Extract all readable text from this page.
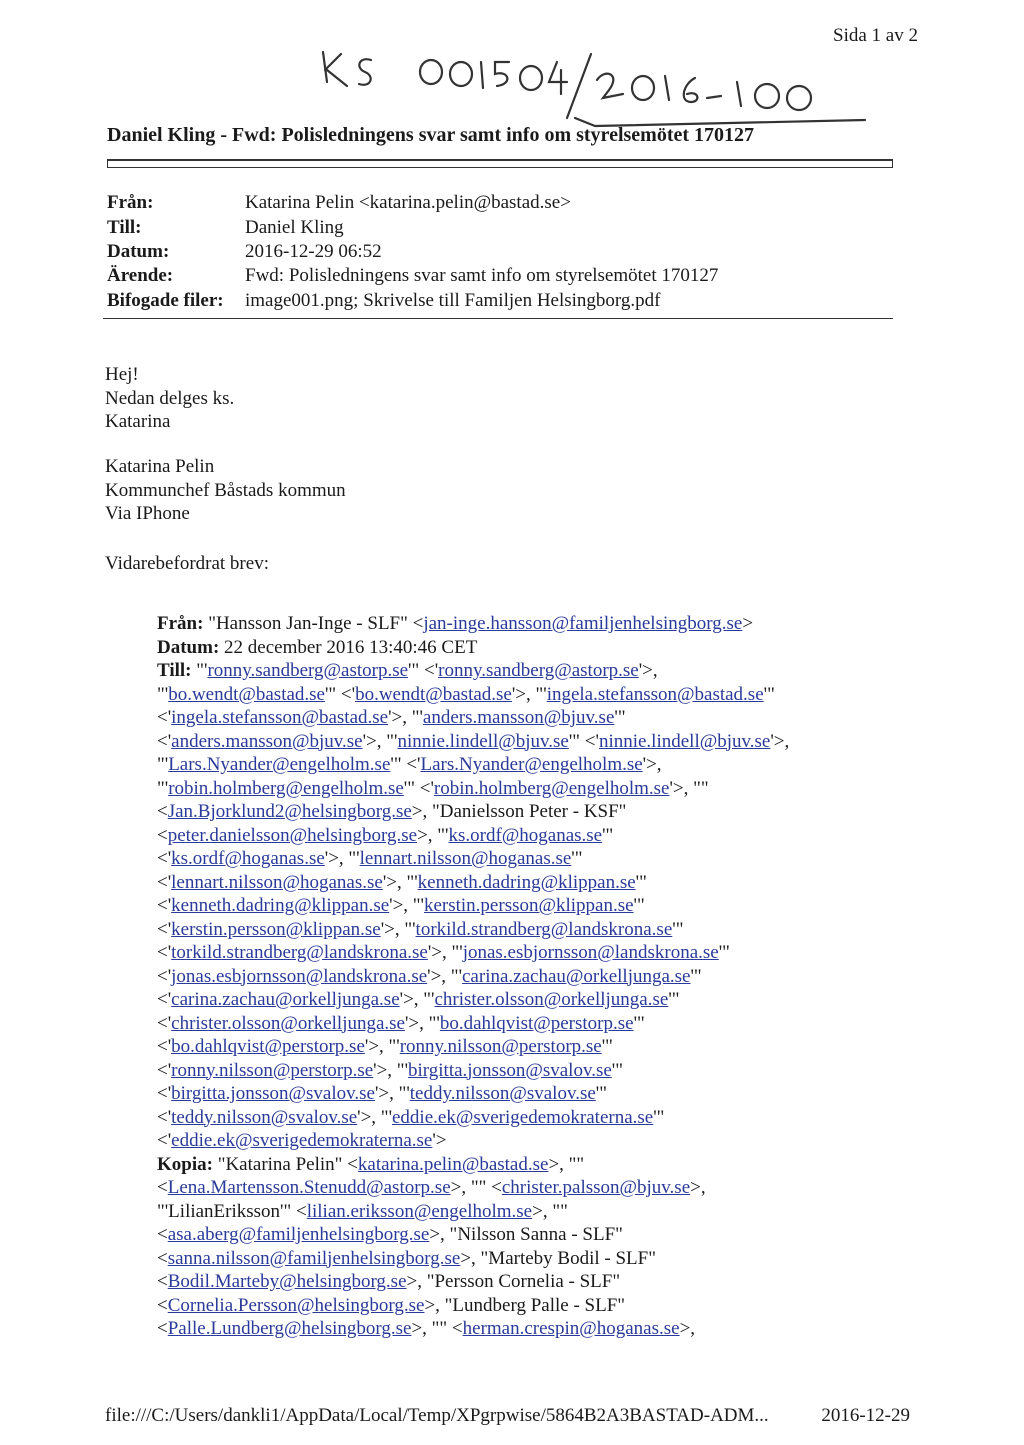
Sida 1 av 2
Daniel Kling - Fwd: Polisledningens svar samt info om styrelsemötet 170127
Från:	Katarina Pelin <katarina.pelin@bastad.se>
Till:	Daniel Kling
Datum:	2016-12-29 06:52
Ärende:	Fwd: Polisledningens svar samt info om styrelsemötet 170127
Bifogade filer: image001.png; Skrivelse till Familjen Helsingborg.pdf
Hej!
Nedan delges ks.
Katarina
Katarina Pelin
Kommunchef Båstads kommun
Via IPhone
Vidarebefordrat brev:

Från: "Hansson Jan-Inge - SLF" <jan-inge.hansson@familjenhelsingborg.se>

Datum: 22 december 2016 13:40:46 CET

Till: "'ronny.sandberg@astorp.se'" <'ronny.sandberg@astorp.se'>,

"'bo.wendt@bastad.se'" <'bo.wendt@bastad.se'>, "'ingela.stefansson@bastad.se'"

<'ingela.stefansson@bastad.se'>, "'anders.mansson@bjuv.se'"

<'anders.mansson@bjuv.se'>, "'ninnie.lindell@bjuv.se'" <'ninnie.lindell@bjuv.se'>,

"'Lars.Nyander@engelholm.se'" <'Lars.Nyander@engelholm.se'>,

"'robin.holmberg@engelholm.se'" <'robin.holmberg@engelholm.se'>, ""

<Jan.Bjorklund2@helsingborg.se>, "Danielsson Peter - KSF"

<peter.danielsson@helsingborg.se>, "'ks.ordf@hoganas.se'"

<'ks.ordf@hoganas.se'>, "'lennart.nilsson@hoganas.se'"

<'lennart.nilsson@hoganas.se'>, "'kenneth.dadring@klippan.se'"

<'kenneth.dadring@klippan.se'>, "'kerstin.persson@klippan.se'"

<'kerstin.persson@klippan.se'>, "'torkild.strandberg@landskrona.se'"

<'torkild.strandberg@landskrona.se'>, "'jonas.esbjornsson@landskrona.se'"

<'jonas.esbjornsson@landskrona.se'>, "'carina.zachau@orkelljunga.se'"

<'carina.zachau@orkelljunga.se'>, "'christer.olsson@orkelljunga.se'"

<'christer.olsson@orkelljunga.se'>, "'bo.dahlqvist@perstorp.se'"

<'bo.dahlqvist@perstorp.se'>, "'ronny.nilsson@perstorp.se'"

<'ronny.nilsson@perstorp.se'>, "'birgitta.jonsson@svalov.se'"

<'birgitta.jonsson@svalov.se'>, "'teddy.nilsson@svalov.se'"

<'teddy.nilsson@svalov.se'>, "'eddie.ek@sverigedemokraterna.se'"

<'eddie.ek@sverigedemokraterna.se'>

Kopia: "Katarina Pelin" <katarina.pelin@bastad.se>, ""

<Lena.Martensson.Stenudd@astorp.se>, "" <christer.palsson@bjuv.se>,

"'LilianEriksson'" <lilian.eriksson@engelholm.se>, ""

<asa.aberg@familjenhelsingborg.se>, "Nilsson Sanna - SLF"

<sanna.nilsson@familjenhelsingborg.se>, "Marteby Bodil - SLF"

<Bodil.Marteby@helsingborg.se>, "Persson Cornelia - SLF"

<Cornelia.Persson@helsingborg.se>, "Lundberg Palle - SLF"

<Palle.Lundberg@helsingborg.se>, "" <herman.crespin@hoganas.se>,

file:///C:/Users/dankli1/AppData/Local/Temp/XPgrpwise/5864B2A3BASTAD-ADM...	2016-12-29
